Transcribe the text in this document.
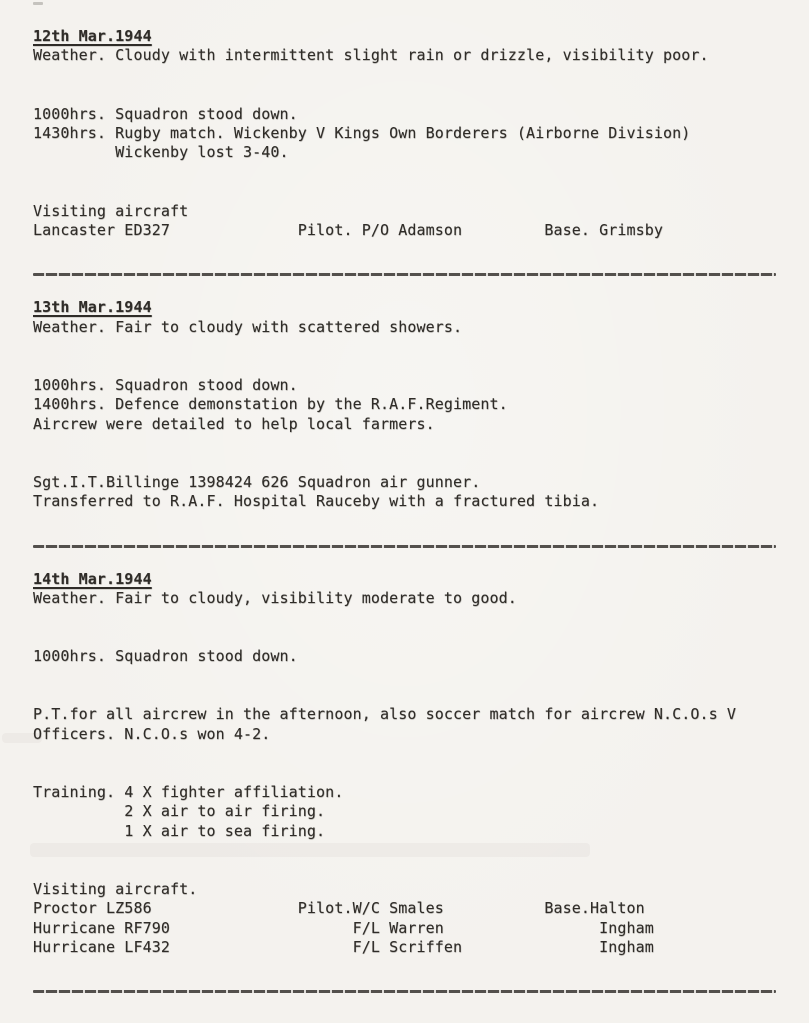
12th Mar.1944
Weather. Cloudy with intermittent slight rain or drizzle, visibility poor.
1000hrs. Squadron stood down.
1430hrs. Rugby match. Wickenby V Kings Own Borderers (Airborne Division)
Wickenby lost 3-40.
Visiting aircraft
Lancaster ED327              Pilot. P/O Adamson         Base. Grimsby
13th Mar.1944
Weather. Fair to cloudy with scattered showers.
1000hrs. Squadron stood down.
1400hrs. Defence demonstation by the R.A.F.Regiment.
Aircrew were detailed to help local farmers.
Sgt.I.T.Billinge 1398424 626 Squadron air gunner.
Transferred to R.A.F. Hospital Rauceby with a fractured tibia.
14th Mar.1944
Weather. Fair to cloudy, visibility moderate to good.
1000hrs. Squadron stood down.
P.T.for all aircrew in the afternoon, also soccer match for aircrew N.C.O.s V
Officers. N.C.O.s won 4-2.
Training. 4 X fighter affiliation.
2 X air to air firing.
1 X air to sea firing.
Visiting aircraft.
Proctor LZ586                Pilot.W/C Smales           Base.Halton
Hurricane RF790                    F/L Warren                 Ingham
Hurricane LF432                    F/L Scriffen               Ingham
